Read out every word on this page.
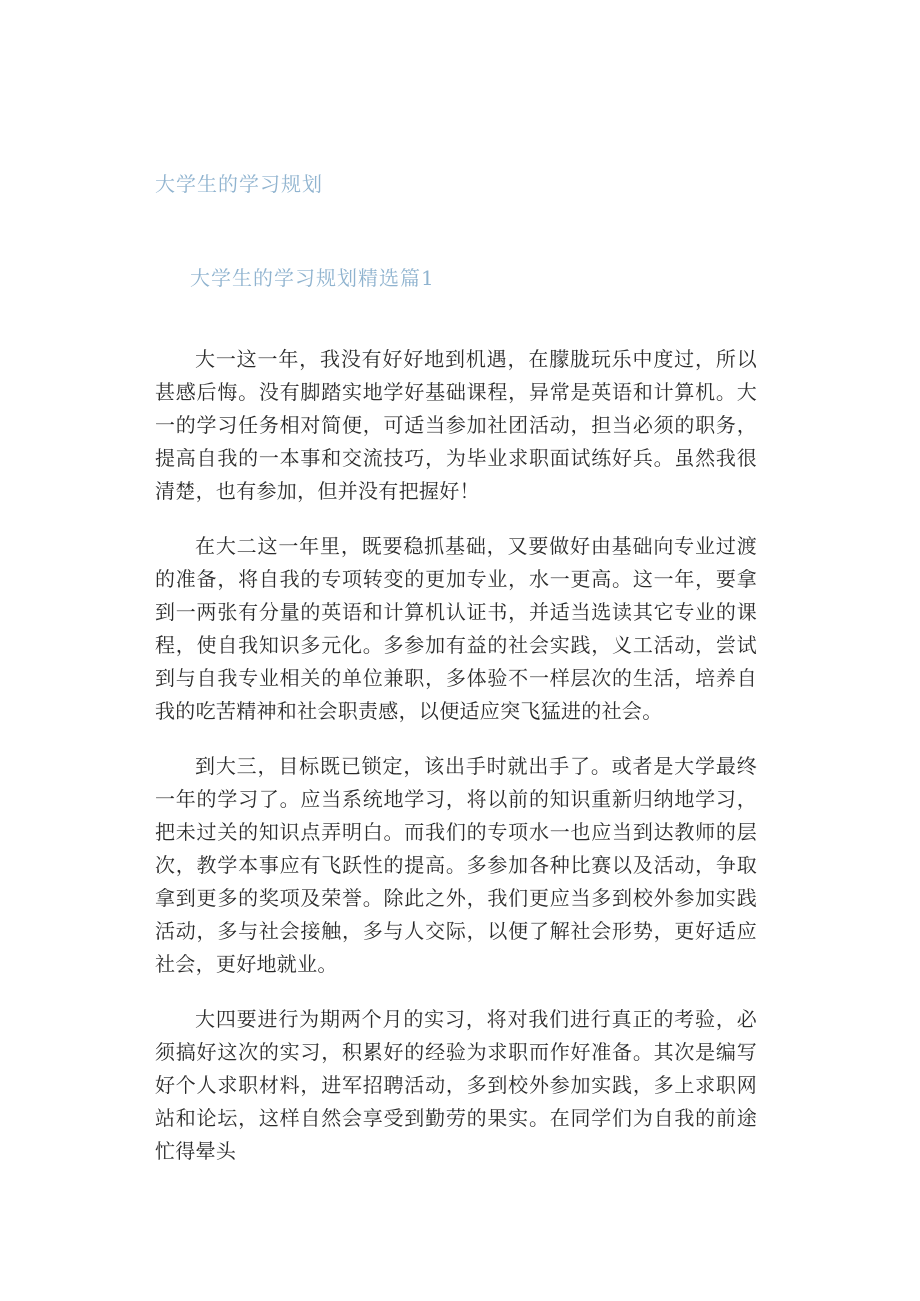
大学生的学习规划
大学生的学习规划精选篇1

大一这一年，我没有好好地到机遇，在朦胧玩乐中度过，所以甚感后悔。没有脚踏实地学好基础课程，异常是英语和计算机。大一的学习任务相对简便，可适当参加社团活动，担当必须的职务，提高自我的一本事和交流技巧，为毕业求职面试练好兵。虽然我很清楚，也有参加，但并没有把握好！

在大二这一年里，既要稳抓基础，又要做好由基础向专业过渡的准备，将自我的专项转变的更加专业，水一更高。这一年，要拿到一两张有分量的英语和计算机认证书，并适当选读其它专业的课程，使自我知识多元化。多参加有益的社会实践，义工活动，尝试到与自我专业相关的单位兼职，多体验不一样层次的生活，培养自我的吃苦精神和社会职责感，以便适应突飞猛进的社会。

到大三，目标既已锁定，该出手时就出手了。或者是大学最终一年的学习了。应当系统地学习，将以前的知识重新归纳地学习，把未过关的知识点弄明白。而我们的专项水一也应当到达教师的层次，教学本事应有飞跃性的提高。多参加各种比赛以及活动，争取拿到更多的奖项及荣誉。除此之外，我们更应当多到校外参加实践活动，多与社会接触，多与人交际，以便了解社会形势，更好适应社会，更好地就业。

大四要进行为期两个月的实习，将对我们进行真正的考验，必须搞好这次的实习，积累好的经验为求职而作好准备。其次是编写好个人求职材料，进军招聘活动，多到校外参加实践，多上求职网站和论坛，这样自然会享受到勤劳的果实。在同学们为自我的前途忙得晕头
